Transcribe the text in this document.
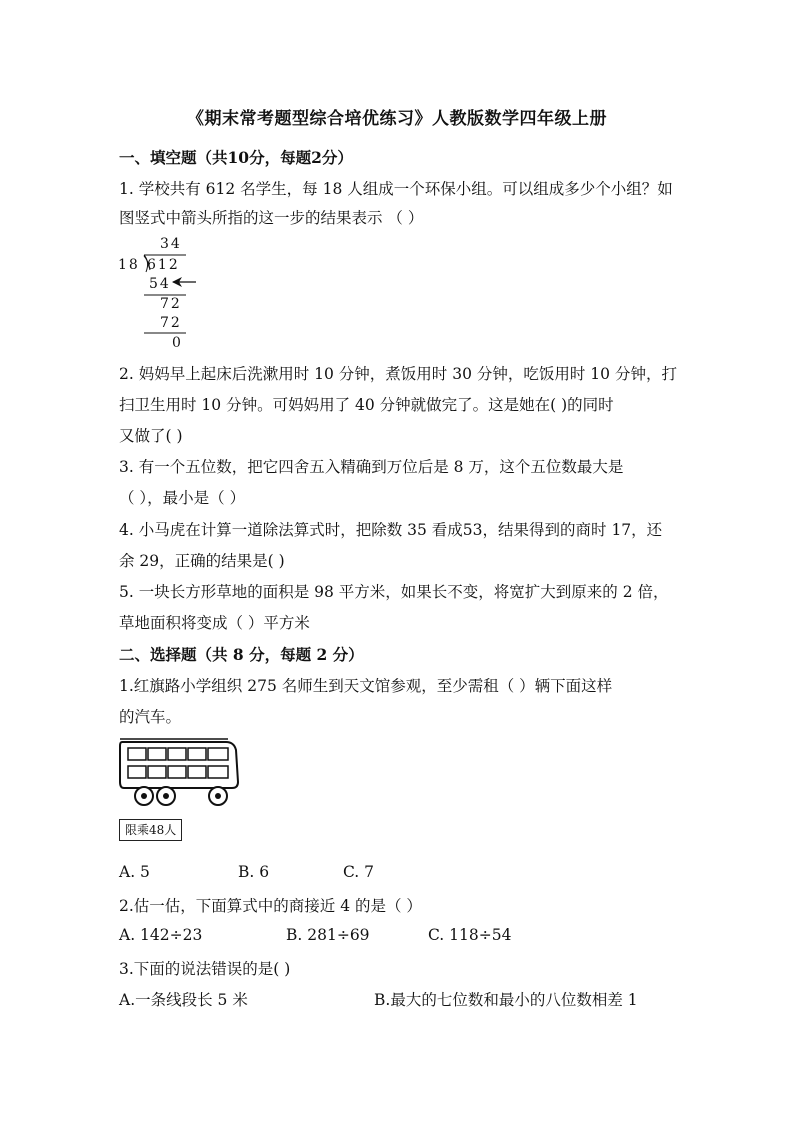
《期末常考题型综合培优练习》人教版数学四年级上册
一、填空题（共10分，每题2分）
1. 学校共有 612 名学生，每 18 人组成一个环保小组。可以组成多少个小组？如
图竖式中箭头所指的这一步的结果表示 （ ）
34
18 612
54
72
72
0
2. 妈妈早上起床后洗漱用时 10 分钟，煮饭用时 30 分钟，吃饭用时 10 分钟，打
扫卫生用时 10 分钟。可妈妈用了 40 分钟就做完了。这是她在( )的同时
又做了( )
3. 有一个五位数，把它四舍五入精确到万位后是 8 万，这个五位数最大是
（ ），最小是（ ）
4. 小马虎在计算一道除法算式时，把除数 35 看成53，结果得到的商时 17，还
余 29，正确的结果是( )
5. 一块长方形草地的面积是 98 平方米，如果长不变，将宽扩大到原来的 2 倍，
草地面积将变成（ ）平方米
二、选择题（共 8 分，每题 2 分）
1.红旗路小学组织 275 名师生到天文馆参观，至少需租（ ）辆下面这样
的汽车。
限乘48人
A. 5	B. 6	C. 7
2.估一估，下面算式中的商接近 4 的是（ ）
A. 142÷23	B. 281÷69	C. 118÷54
3.下面的说法错误的是( )
A.一条线段长 5 米	B.最大的七位数和最小的八位数相差 1
